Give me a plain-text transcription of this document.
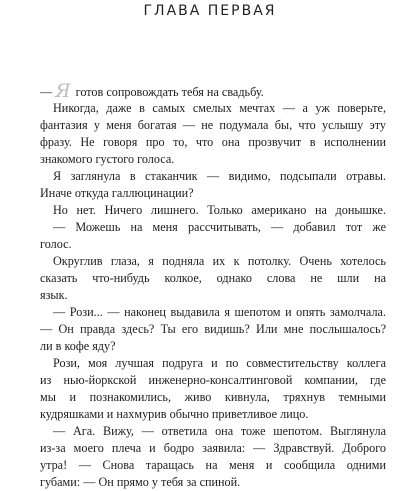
ГЛАВА ПЕРВАЯ
— Я готов сопровождать тебя на свадьбу.
Никогда, даже в самых смелых мечтах — а уж поверьте,
фантазия у меня богатая — не подумала бы, что услышу эту
фразу. Не говоря про то, что она прозвучит в исполнении
знакомого густого голоса.
Я заглянула в стаканчик — видимо, подсыпали отравы.
Иначе откуда галлюцинации?
Но нет. Ничего лишнего. Только американо на донышке.
— Можешь на меня рассчитывать, — добавил тот же
голос.
Округлив глаза, я подняла их к потолку. Очень хотелось
сказать что-нибудь колкое, однако слова не шли на
язык.
— Рози... — наконец выдавила я шепотом и опять замолчала.
— Он правда здесь? Ты его видишь? Или мне послышалось?
ли в кофе яду?
Рози, моя лучшая подруга и по совместительству коллега
из нью-йоркской инженерно-консалтинговой компании, где
мы и познакомились, живо кивнула, тряхнув темными
кудряшками и нахмурив обычно приветливое лицо.
— Ага. Вижу, — ответила она тоже шепотом. Выглянула
из-за моего плеча и бодро заявила: — Здравствуй. Доброго
утра! — Снова таращась на меня и сообщила одними
губами: — Он прямо у тебя за спиной.
